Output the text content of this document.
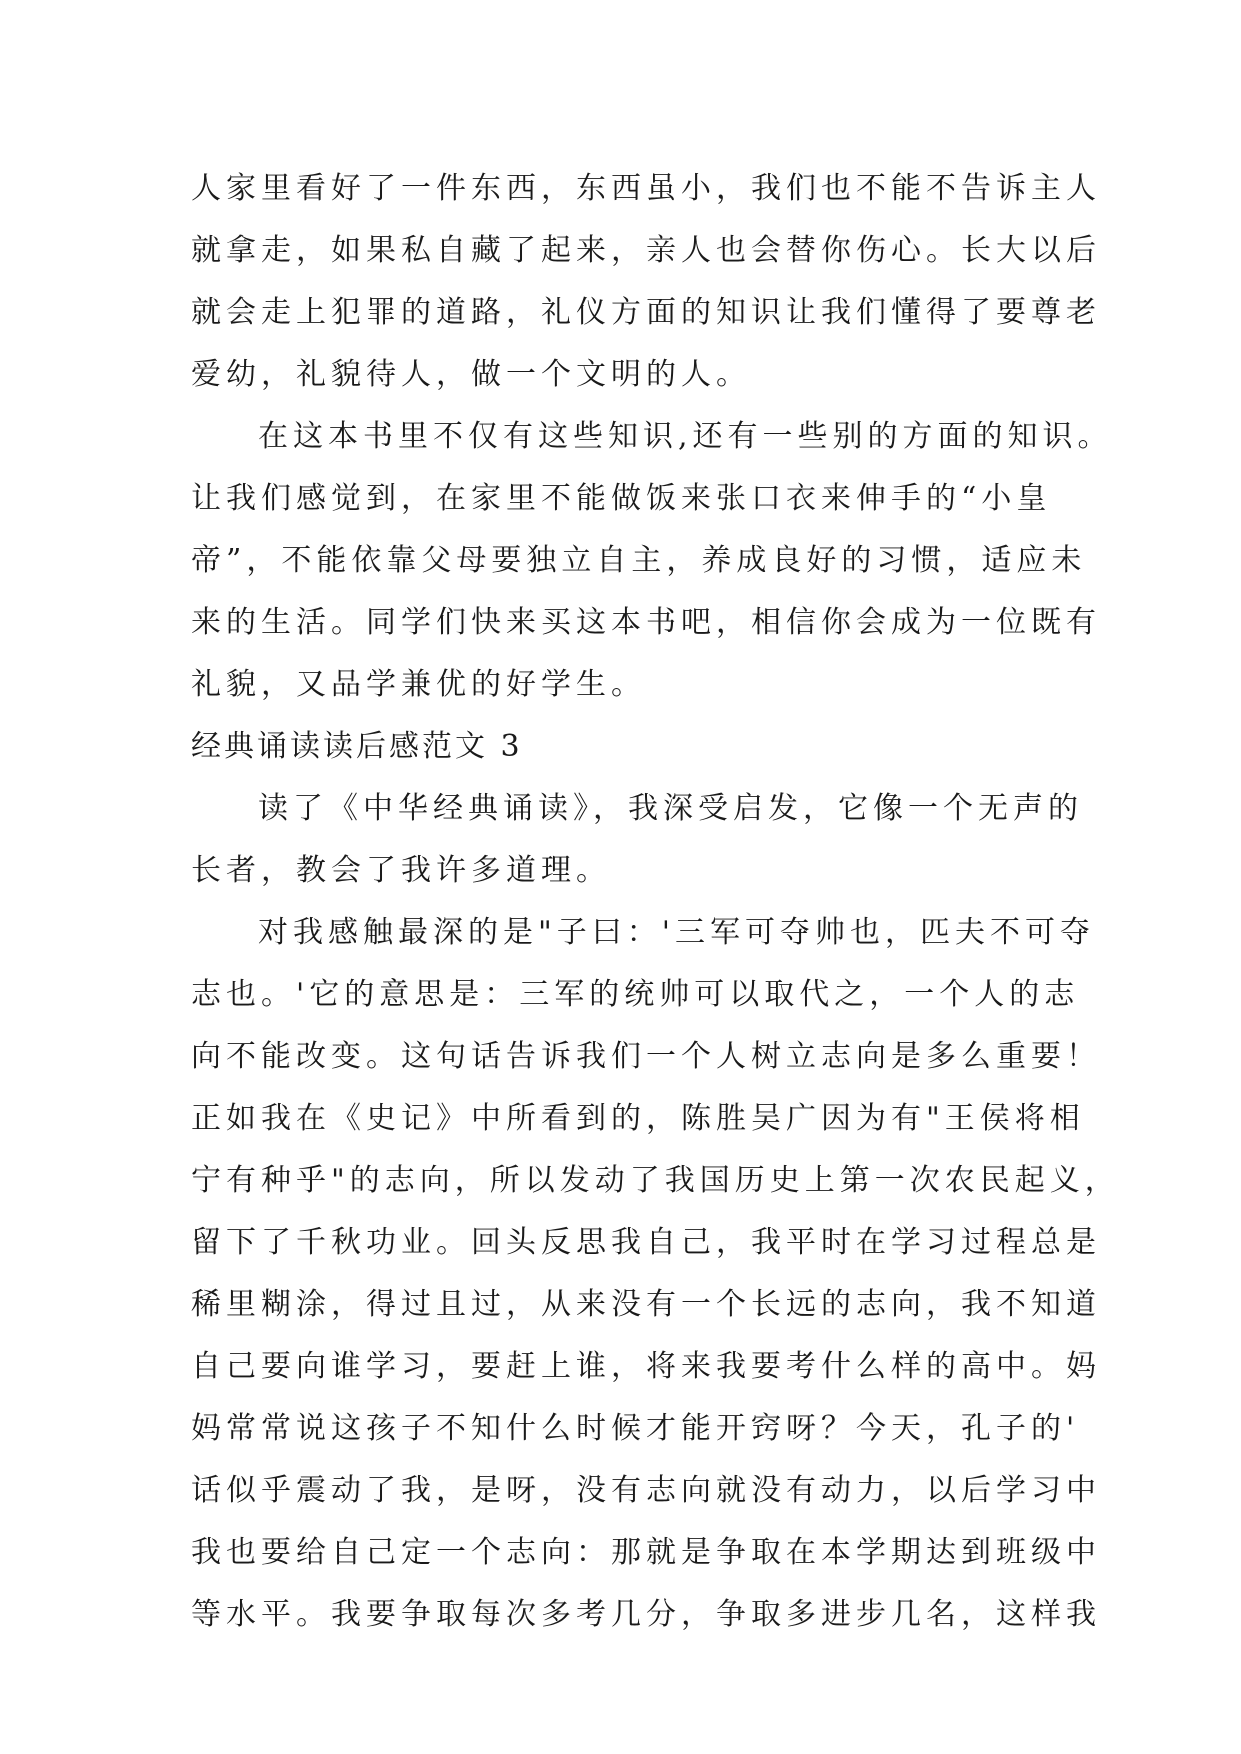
人家里看好了一件东西，东西虽小，我们也不能不告诉主人
就拿走，如果私自藏了起来，亲人也会替你伤心。长大以后
就会走上犯罪的道路，礼仪方面的知识让我们懂得了要尊老
爱幼，礼貌待人，做一个文明的人。
在这本书里不仅有这些知识,还有一些别的方面的知识。
让我们感觉到，在家里不能做饭来张口衣来伸手的“小皇
帝”，不能依靠父母要独立自主，养成良好的习惯，适应未
来的生活。同学们快来买这本书吧，相信你会成为一位既有
礼貌，又品学兼优的好学生。
经典诵读读后感范文 3
读了《中华经典诵读》，我深受启发，它像一个无声的
长者，教会了我许多道理。
对我感触最深的是"子曰：'三军可夺帅也，匹夫不可夺
志也。'它的意思是：三军的统帅可以取代之，一个人的志
向不能改变。这句话告诉我们一个人树立志向是多么重要！
正如我在《史记》中所看到的，陈胜吴广因为有"王侯将相
宁有种乎"的志向，所以发动了我国历史上第一次农民起义，
留下了千秋功业。回头反思我自己，我平时在学习过程总是
稀里糊涂，得过且过，从来没有一个长远的志向，我不知道
自己要向谁学习，要赶上谁，将来我要考什么样的高中。妈
妈常常说这孩子不知什么时候才能开窍呀？今天，孔子的'
话似乎震动了我，是呀，没有志向就没有动力，以后学习中
我也要给自己定一个志向：那就是争取在本学期达到班级中
等水平。我要争取每次多考几分，争取多进步几名，这样我
